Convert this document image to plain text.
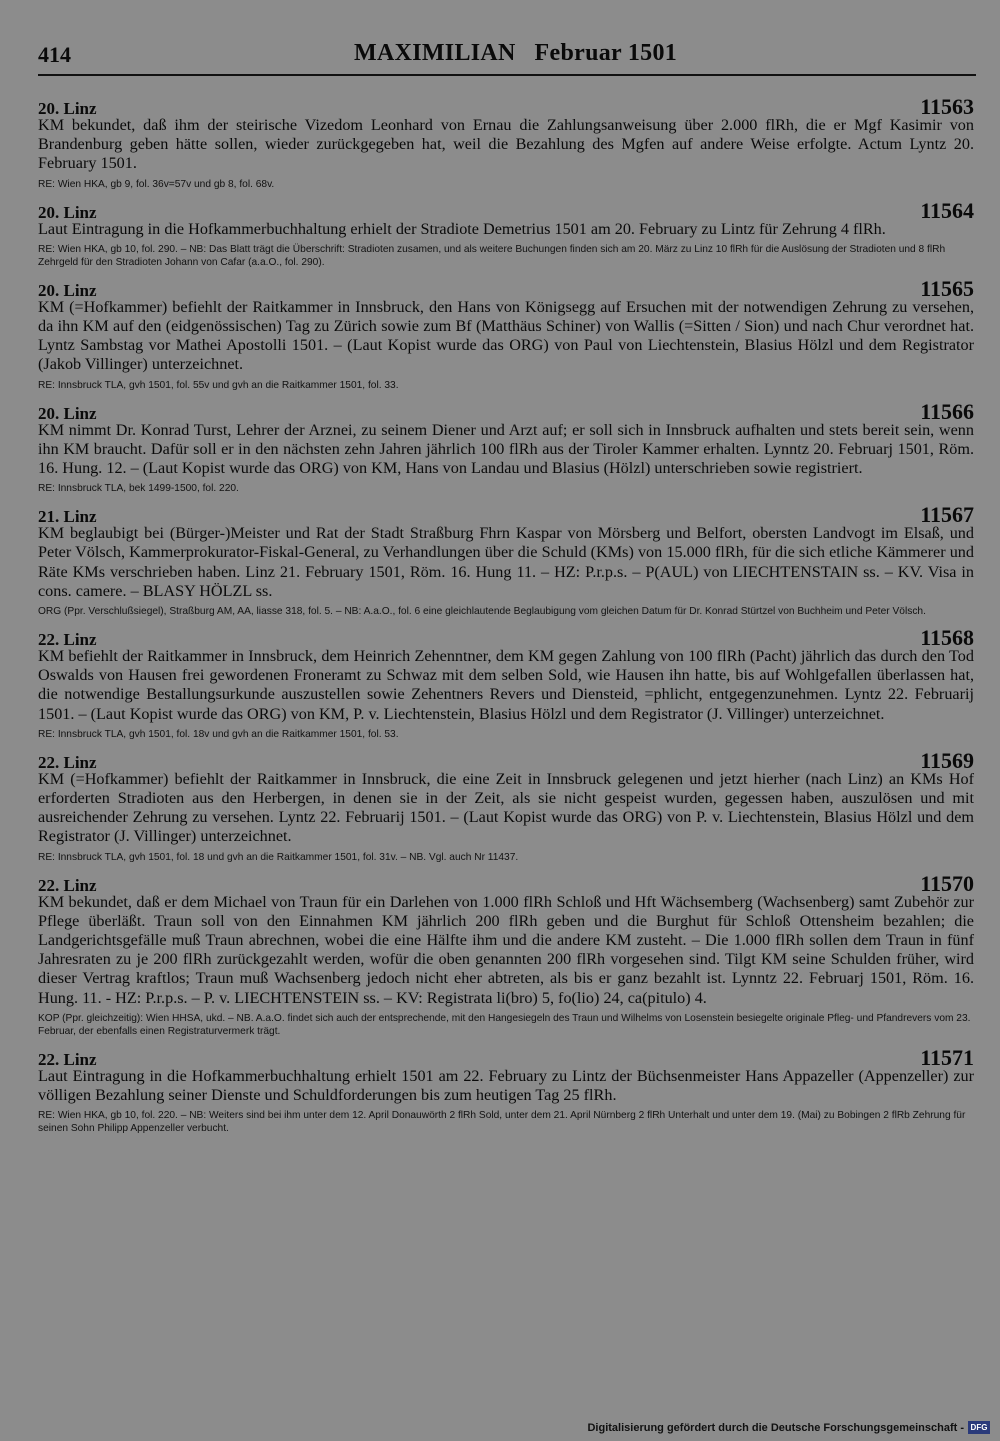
414	MAXIMILIAN   Februar 1501
20. Linz	11563

KM bekundet, daß ihm der steirische Vizedom Leonhard von Ernau die Zahlungsanweisung über 2.000 flRh, die er Mgf Kasimir von Brandenburg geben hätte sollen, wieder zurückgegeben hat, weil die Bezahlung des Mgfen auf andere Weise erfolgte. Actum Lyntz 20. February 1501.

RE: Wien HKA, gb 9, fol. 36v=57v und gb 8, fol. 68v.

20. Linz	11564

Laut Eintragung in die Hofkammerbuchhaltung erhielt der Stradiote Demetrius 1501 am 20. February zu Lintz für Zehrung 4 flRh.

RE: Wien HKA, gb 10, fol. 290. – NB: Das Blatt trägt die Überschrift: Stradioten zusamen, und als weitere Buchungen finden sich am 20. März zu Linz 10 flRh für die Auslösung der Stradioten und 8 flRh Zehrgeld für den Stradioten Johann von Cafar (a.a.O., fol. 290).

20. Linz	11565

KM (=Hofkammer) befiehlt der Raitkammer in Innsbruck, den Hans von Königsegg auf Ersuchen mit der notwendigen Zehrung zu versehen, da ihn KM auf den (eidgenössischen) Tag zu Zürich sowie zum Bf (Matthäus Schiner) von Wallis (=Sitten / Sion) und nach Chur verordnet hat. Lyntz Sambstag vor Mathei Apostolli 1501. – (Laut Kopist wurde das ORG) von Paul von Liechtenstein, Blasius Hölzl und dem Registrator (Jakob Villinger) unterzeichnet.

RE: Innsbruck TLA, gvh 1501, fol. 55v und gvh an die Raitkammer 1501, fol. 33.

20. Linz	11566

KM nimmt Dr. Konrad Turst, Lehrer der Arznei, zu seinem Diener und Arzt auf; er soll sich in Innsbruck aufhalten und stets bereit sein, wenn ihn KM braucht. Dafür soll er in den nächsten zehn Jahren jährlich 100 flRh aus der Tiroler Kammer erhalten. Lynntz 20. Februarj 1501, Röm. 16. Hung. 12. – (Laut Kopist wurde das ORG) von KM, Hans von Landau und Blasius (Hölzl) unterschrieben sowie registriert.

RE: Innsbruck TLA, bek 1499-1500, fol. 220.

21. Linz	11567

KM beglaubigt bei (Bürger-)Meister und Rat der Stadt Straßburg Fhrn Kaspar von Mörsberg und Belfort, obersten Landvogt im Elsaß, und Peter Völsch, Kammerprokurator-Fiskal-General, zu Verhandlungen über die Schuld (KMs) von 15.000 flRh, für die sich etliche Kämmerer und Räte KMs verschrieben haben. Linz 21. February 1501, Röm. 16. Hung 11. – HZ: P.r.p.s. – P(AUL) von LIECHTENSTAIN ss. – KV. Visa in cons. camere. – BLASY HÖLZL ss.

ORG (Ppr. Verschlußsiegel), Straßburg AM, AA, liasse 318, fol. 5. – NB: A.a.O., fol. 6 eine gleichlautende Beglaubigung vom gleichen Datum für Dr. Konrad Stürtzel von Buchheim und Peter Völsch.

22. Linz	11568

KM befiehlt der Raitkammer in Innsbruck, dem Heinrich Zehenntner, dem KM gegen Zahlung von 100 flRh (Pacht) jährlich das durch den Tod Oswalds von Hausen frei gewordenen Froneramt zu Schwaz mit dem selben Sold, wie Hausen ihn hatte, bis auf Wohlgefallen überlassen hat, die notwendige Bestallungsurkunde auszustellen sowie Zehentners Revers und Diensteid, =phlicht, entgegenzunehmen. Lyntz 22. Februarij 1501. – (Laut Kopist wurde das ORG) von KM, P. v. Liechtenstein, Blasius Hölzl und dem Registrator (J. Villinger) unterzeichnet.

RE: Innsbruck TLA, gvh 1501, fol. 18v und gvh an die Raitkammer 1501, fol. 53.

22. Linz	11569

KM (=Hofkammer) befiehlt der Raitkammer in Innsbruck, die eine Zeit in Innsbruck gelegenen und jetzt hierher (nach Linz) an KMs Hof erforderten Stradioten aus den Herbergen, in denen sie in der Zeit, als sie nicht gespeist wurden, gegessen haben, auszulösen und mit ausreichender Zehrung zu versehen. Lyntz 22. Februarij 1501. – (Laut Kopist wurde das ORG) von P. v. Liechtenstein, Blasius Hölzl und dem Registrator (J. Villinger) unterzeichnet.

RE: Innsbruck TLA, gvh 1501, fol. 18 und gvh an die Raitkammer 1501, fol. 31v. – NB. Vgl. auch Nr 11437.

22. Linz	11570

KM bekundet, daß er dem Michael von Traun für ein Darlehen von 1.000 flRh Schloß und Hft Wächsemberg (Wachsenberg) samt Zubehör zur Pflege überläßt. Traun soll von den Einnahmen KM jährlich 200 flRh geben und die Burghut für Schloß Ottensheim bezahlen; die Landgerichtsgefälle muß Traun abrechnen, wobei die eine Hälfte ihm und die andere KM zusteht. – Die 1.000 flRh sollen dem Traun in fünf Jahresraten zu je 200 flRh zurückgezahlt werden, wofür die oben genannten 200 flRh vorgesehen sind. Tilgt KM seine Schulden früher, wird dieser Vertrag kraftlos; Traun muß Wachsenberg jedoch nicht eher abtreten, als bis er ganz bezahlt ist. Lynntz 22. Februarj 1501, Röm. 16. Hung. 11. - HZ: P.r.p.s. – P. v. LIECHTENSTEIN ss. – KV: Registrata li(bro) 5, fo(lio) 24, ca(pitulo) 4.

KOP (Ppr. gleichzeitig): Wien HHSA, ukd. – NB. A.a.O. findet sich auch der entsprechende, mit den Hangesiegeln des Traun und Wilhelms von Losenstein besiegelte originale Pfleg- und Pfandrevers vom 23. Februar, der ebenfalls einen Registraturvermerk trägt.

22. Linz	11571

Laut Eintragung in die Hofkammerbuchhaltung erhielt 1501 am 22. February zu Lintz der Büchsenmeister Hans Appazeller (Appenzeller) zur völligen Bezahlung seiner Dienste und Schuldforderungen bis zum heutigen Tag 25 flRh.

RE: Wien HKA, gb 10, fol. 220. – NB: Weiters sind bei ihm unter dem 12. April Donauwörth 2 flRh Sold, unter dem 21. April Nürnberg 2 flRh Unterhalt und unter dem 19. (Mai) zu Bobingen 2 flRb Zehrung für seinen Sohn Philipp Appenzeller verbucht.

Digitalisierung gefördert durch die Deutsche Forschungsgemeinschaft - DFG
